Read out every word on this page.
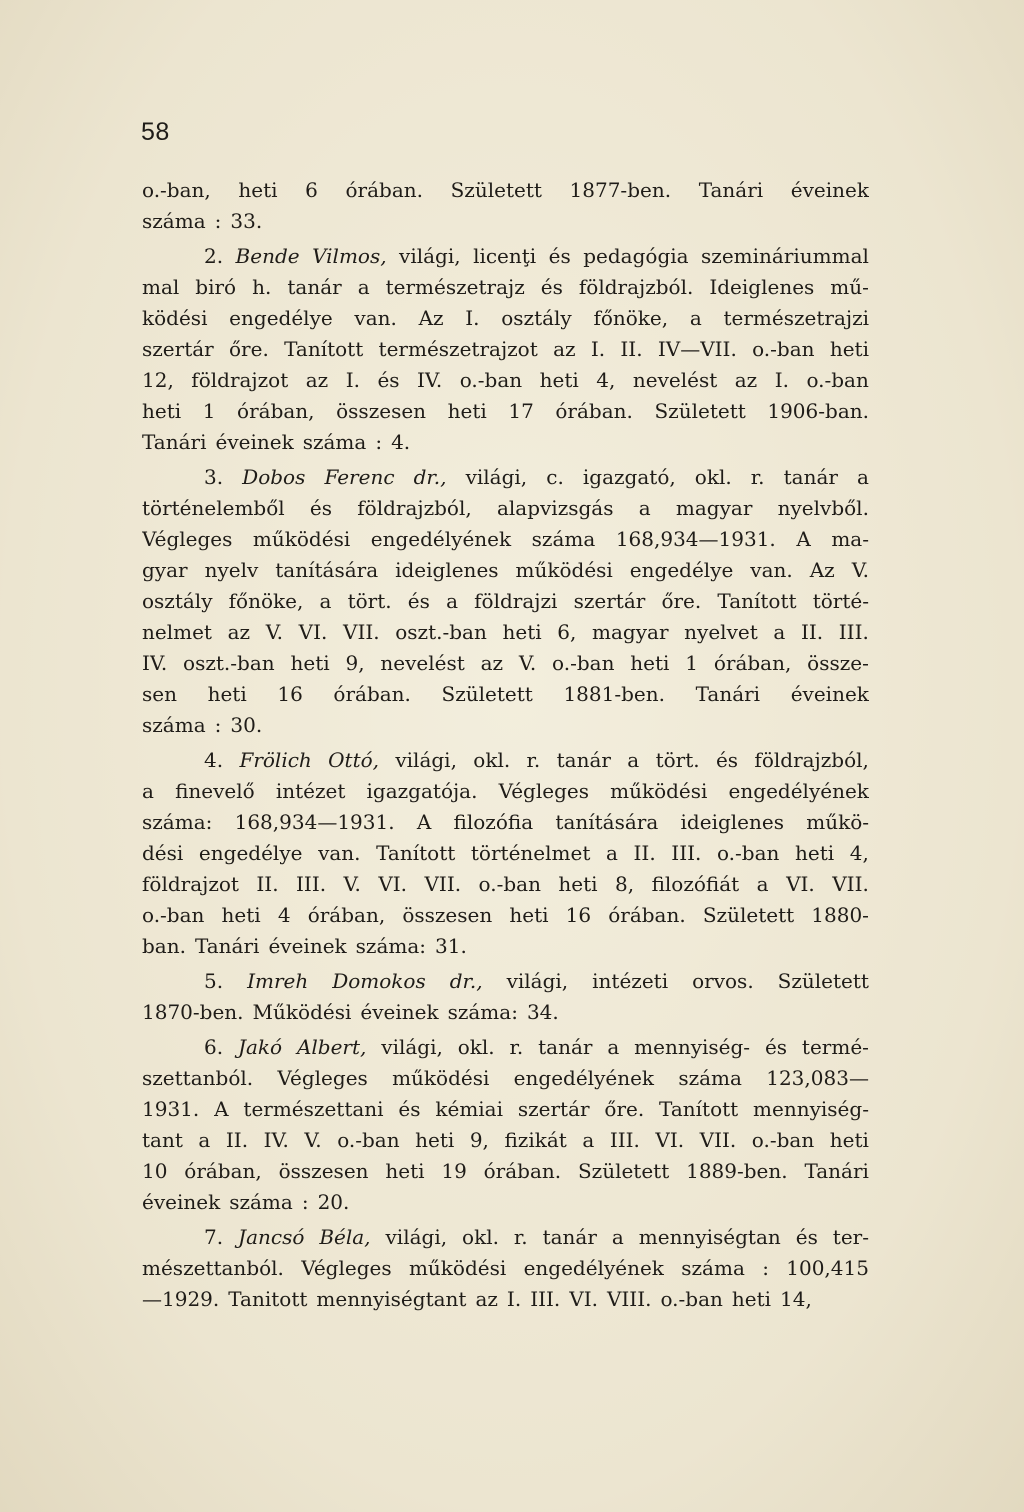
58
o.-ban, heti 6 órában. Született 1877-ben. Tanári éveinek
száma : 33.
2. Bende Vilmos, világi, licenţi és pedagógia szemináriummal
mal biró h. tanár a természetrajz és földrajzból. Ideiglenes mű-
ködési engedélye van. Az I. osztály főnöke, a természetrajzi
szertár őre. Tanított természetrajzot az I. II. IV—VII. o.-ban heti
12, földrajzot az I. és IV. o.-ban heti 4, nevelést az I. o.-ban
heti 1 órában, összesen heti 17 órában. Született 1906-ban.
Tanári éveinek száma : 4.
3. Dobos Ferenc dr., világi, c. igazgató, okl. r. tanár a
történelemből és földrajzból, alapvizsgás a magyar nyelvből.
Végleges működési engedélyének száma 168,934—1931. A ma-
gyar nyelv tanítására ideiglenes működési engedélye van. Az V.
osztály főnöke, a tört. és a földrajzi szertár őre. Tanított törté-
nelmet az V. VI. VII. oszt.-ban heti 6, magyar nyelvet a II. III.
IV. oszt.-ban heti 9, nevelést az V. o.-ban heti 1 órában, össze-
sen heti 16 órában. Született 1881-ben. Tanári éveinek
száma : 30.
4. Frölich Ottó, világi, okl. r. tanár a tört. és földrajzból,
a finevelő intézet igazgatója. Végleges működési engedélyének
száma: 168,934—1931. A filozófia tanítására ideiglenes műkö-
dési engedélye van. Tanított történelmet a II. III. o.-ban heti 4,
földrajzot II. III. V. VI. VII. o.-ban heti 8, filozófiát a VI. VII.
o.-ban heti 4 órában, összesen heti 16 órában. Született 1880-
ban. Tanári éveinek száma: 31.
5. Imreh Domokos dr., világi, intézeti orvos. Született
1870-ben. Működési éveinek száma: 34.
6. Jakó Albert, világi, okl. r. tanár a mennyiség- és termé-
szettanból. Végleges működési engedélyének száma 123,083—
1931. A természettani és kémiai szertár őre. Tanított mennyiség-
tant a II. IV. V. o.-ban heti 9, fizikát a III. VI. VII. o.-ban heti
10 órában, összesen heti 19 órában. Született 1889-ben. Tanári
éveinek száma : 20.
7. Jancsó Béla, világi, okl. r. tanár a mennyiségtan és ter-
mészettanból. Végleges működési engedélyének száma : 100,415
—1929. Tanitott mennyiségtant az I. III. VI. VIII. o.-ban heti 14,
